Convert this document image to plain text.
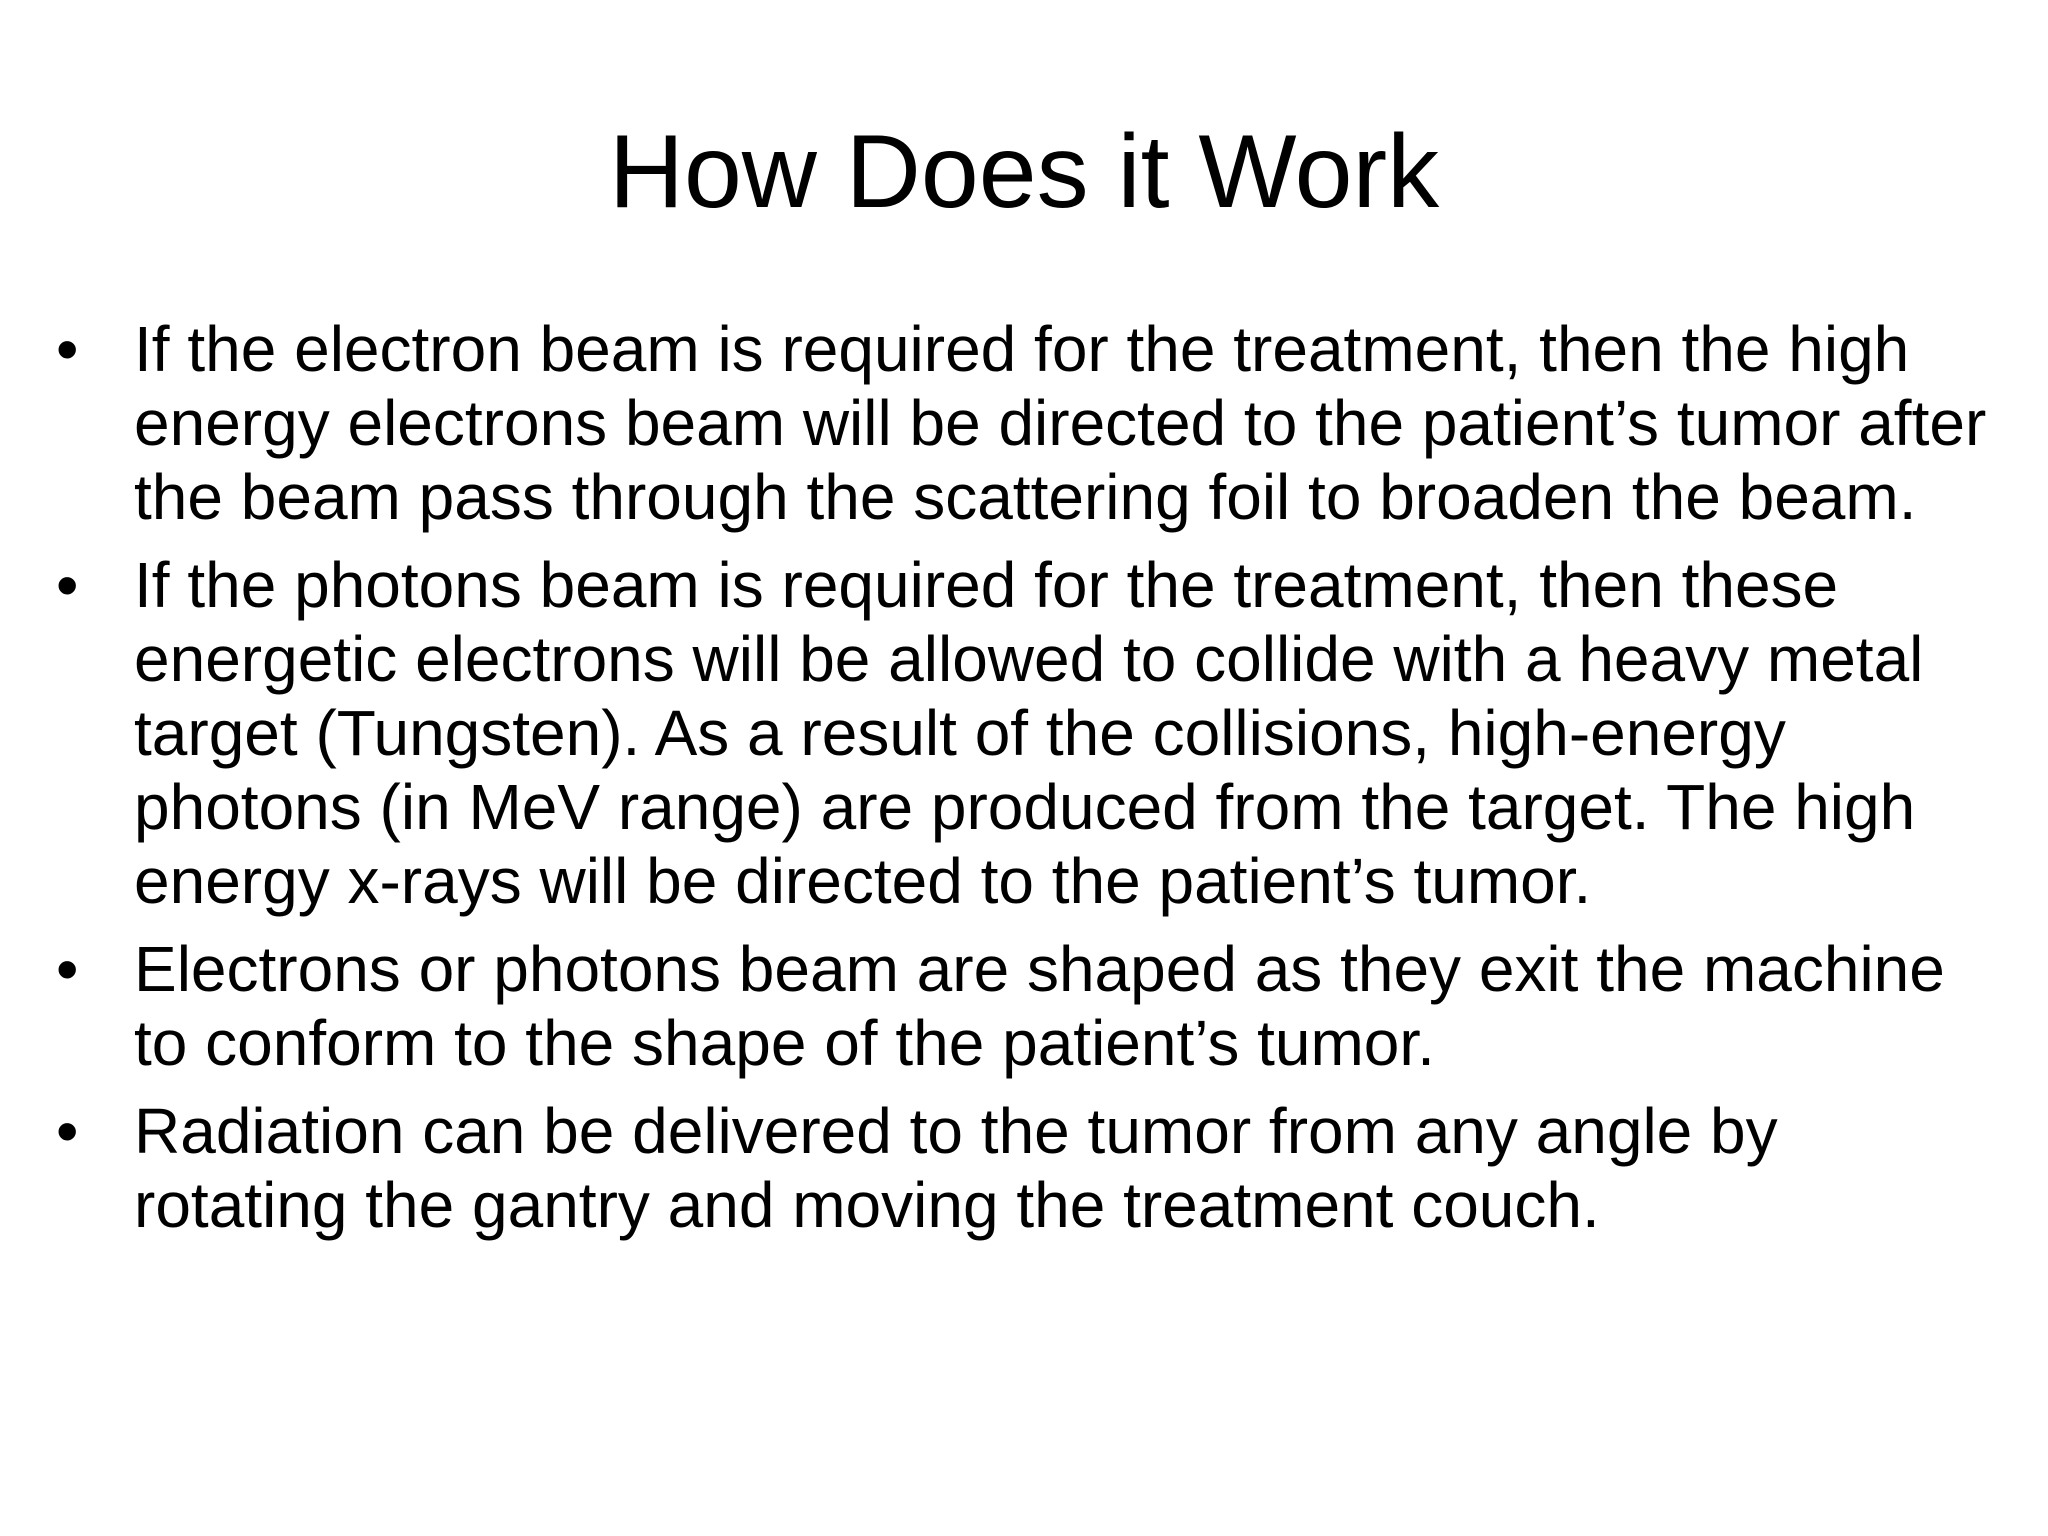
How Does it Work
• If the electron beam is required for the treatment, then the high energy electrons beam will be directed to the patient’s tumor after the beam pass through the scattering foil to broaden the beam.
• If the photons beam is required for the treatment, then these energetic electrons will be allowed to collide with a heavy metal target (Tungsten). As a result of the collisions, high-energy photons (in MeV range) are produced from the target. The high energy x-rays will be directed to the patient’s tumor.
• Electrons or photons beam are shaped as they exit the machine to conform to the shape of the patient’s tumor.
• Radiation can be delivered to the tumor from any angle by rotating the gantry and moving the treatment couch.
